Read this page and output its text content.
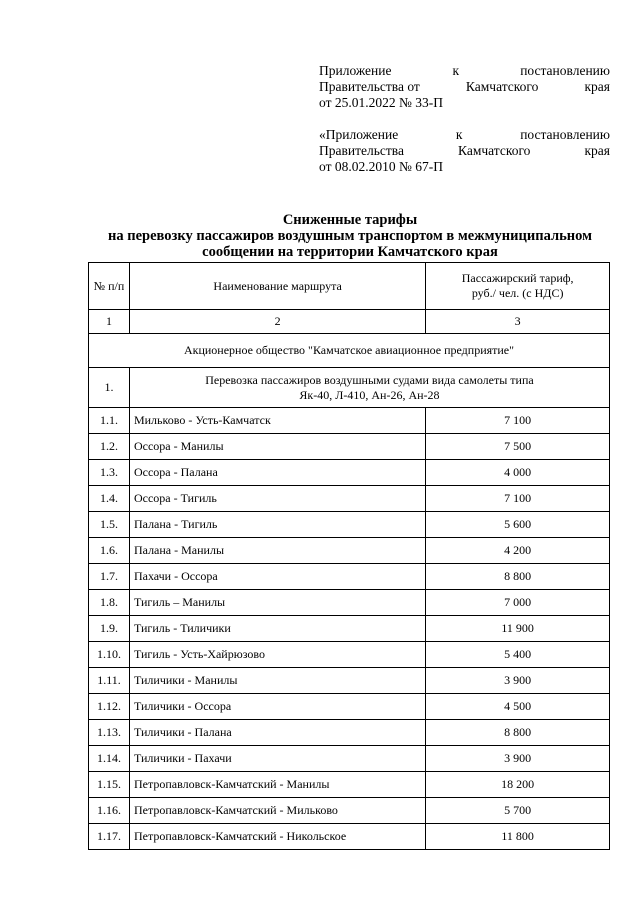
Приложение	к	постановлению
Правительства от	Камчатского	края
от 25.01.2022 № 33-П
«Приложение	к	постановлению
Правительства	Камчатского	края
от 08.02.2010 № 67-П
Сниженные тарифы
на перевозку пассажиров воздушным транспортом в межмуниципальном
сообщении на территории Камчатского края
№ п/п	Наименование маршрута	Пассажирский тариф,
руб./ чел. (с НДС)

1	2	3
Акционерное общество "Камчатское авиационное предприятие"		
1.	Перевозка пассажиров воздушными судами вида самолеты типа
Як-40, Л-410, Ан-26, Ан-28	

1.1.	Мильково - Усть-Камчатск	7 100
1.2.	Оссора - Манилы	7 500
1.3.	Оссора - Палана	4 000
1.4.	Оссора - Тигиль	7 100
1.5.	Палана - Тигиль	5 600
1.6.	Палана - Манилы	4 200
1.7.	Пахачи - Оссора	8 800
1.8.	Тигиль – Манилы	7 000
1.9.	Тигиль - Тиличики	11 900
1.10.	Тигиль - Усть-Хайрюзово	5 400
1.11.	Тиличики - Манилы	3 900
1.12.	Тиличики - Оссора	4 500
1.13.	Тиличики - Палана	8 800
1.14.	Тиличики - Пахачи	3 900
1.15.	Петропавловск-Камчатский - Манилы	18 200
1.16.	Петропавловск-Камчатский - Мильково	5 700
1.17.	Петропавловск-Камчатский - Никольское	11 800
